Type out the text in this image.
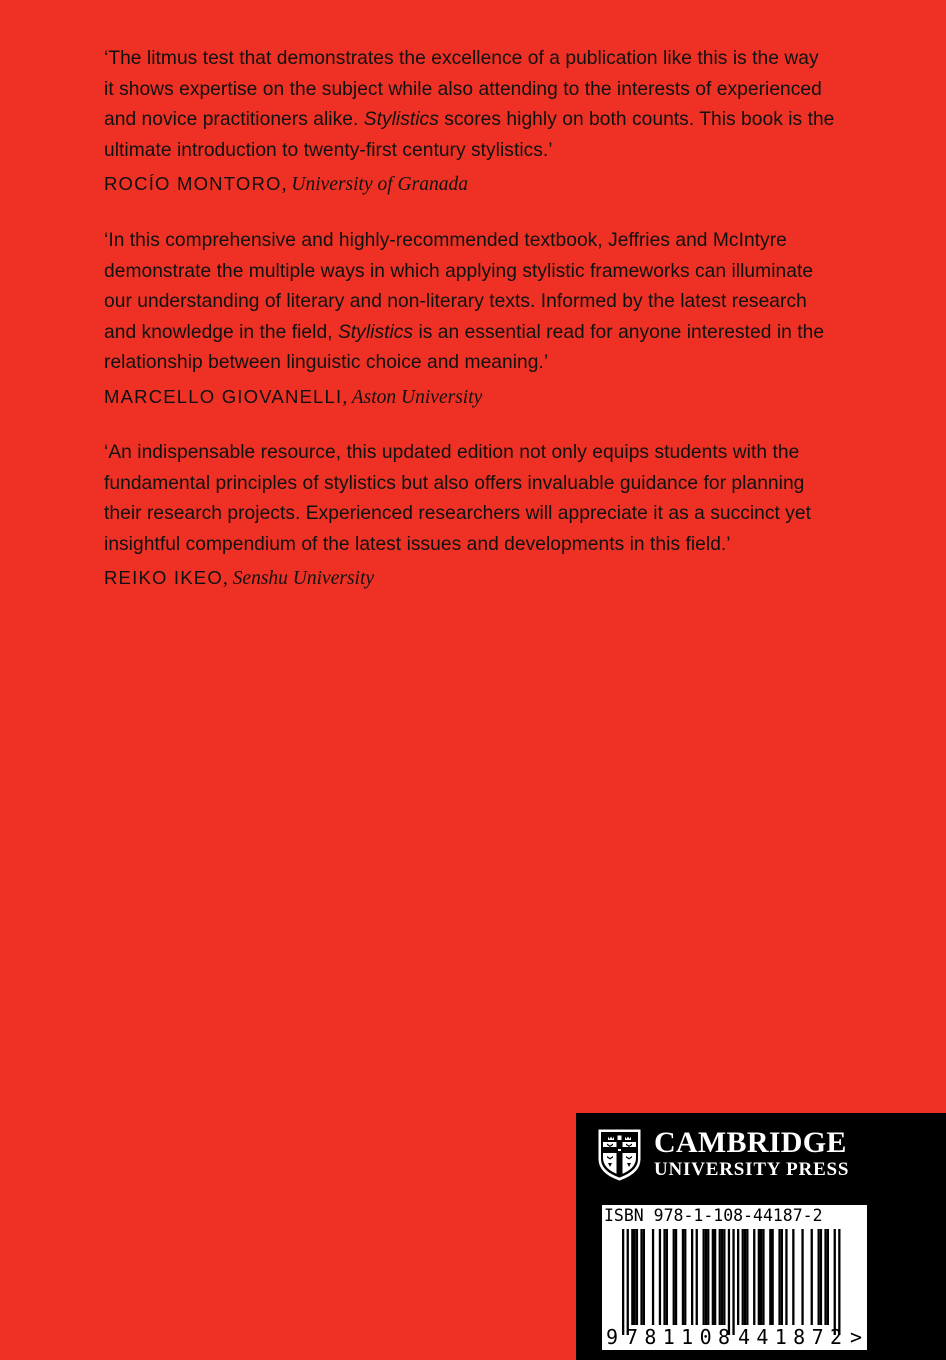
‘The litmus test that demonstrates the excellence of a publication like this is the way
it shows expertise on the subject while also attending to the interests of experienced
and novice practitioners alike. Stylistics scores highly on both counts. This book is the
ultimate introduction to twenty-first century stylistics.’

ROCÍO MONTORO, University of Granada

‘In this comprehensive and highly-recommended textbook, Jeffries and McIntyre
demonstrate the multiple ways in which applying stylistic frameworks can illuminate
our understanding of literary and non-literary texts. Informed by the latest research
and knowledge in the field, Stylistics is an essential read for anyone interested in the
relationship between linguistic choice and meaning.’

MARCELLO GIOVANELLI, Aston University

‘An indispensable resource, this updated edition not only equips students with the
fundamental principles of stylistics but also offers invaluable guidance for planning
their research projects. Experienced researchers will appreciate it as a succinct yet
insightful compendium of the latest issues and developments in this field.’

REIKO IKEO, Senshu University
CAMBRIDGE
UNIVERSITY PRESS
ISBN 978-1-108-44187-2
9 781108 441872 >
